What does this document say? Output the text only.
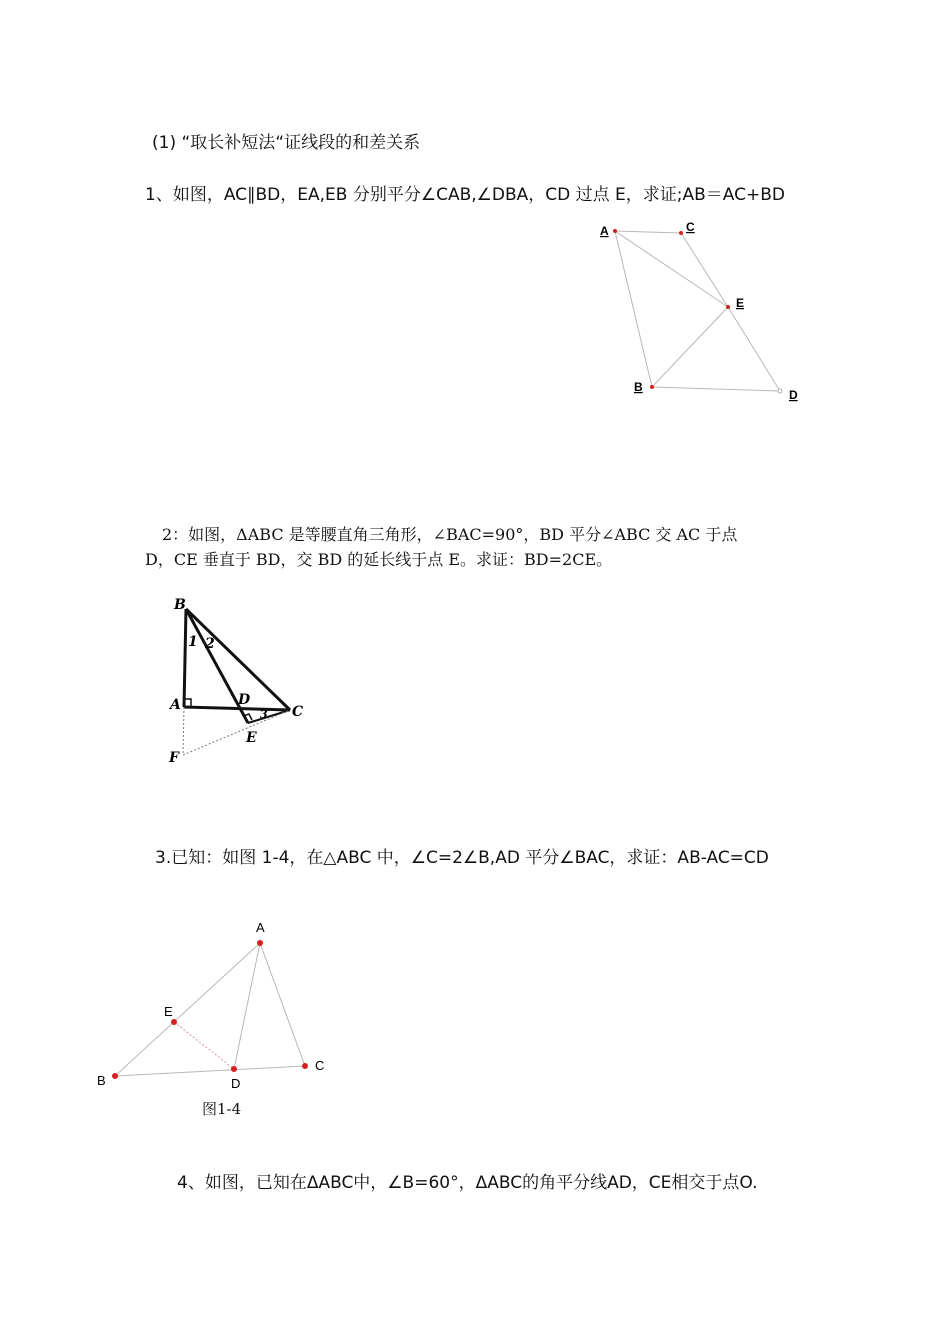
(1) “取长补短法“证线段的和差关系
1、如图，AC∥BD，EA,EB 分别平分∠CAB,∠DBA，CD 过点 E，求证;AB＝AC+BD
A	C
E
B
D
2：如图，ΔABC 是等腰直角三角形，∠BAC=90°，BD 平分∠ABC 交 AC 于点
D，CE 垂直于 BD，交 BD 的延长线于点 E。求证：BD=2CE。
B
A	D
C
E
F
1 2
3
3.已知：如图 1-4，在△ABC 中，∠C=2∠B,AD 平分∠BAC，求证：AB-AC=CD
A
E
B	D
C
图1-4
4、如图，已知在ΔABC中，∠B=60°，ΔABC的角平分线AD，CE相交于点O.
